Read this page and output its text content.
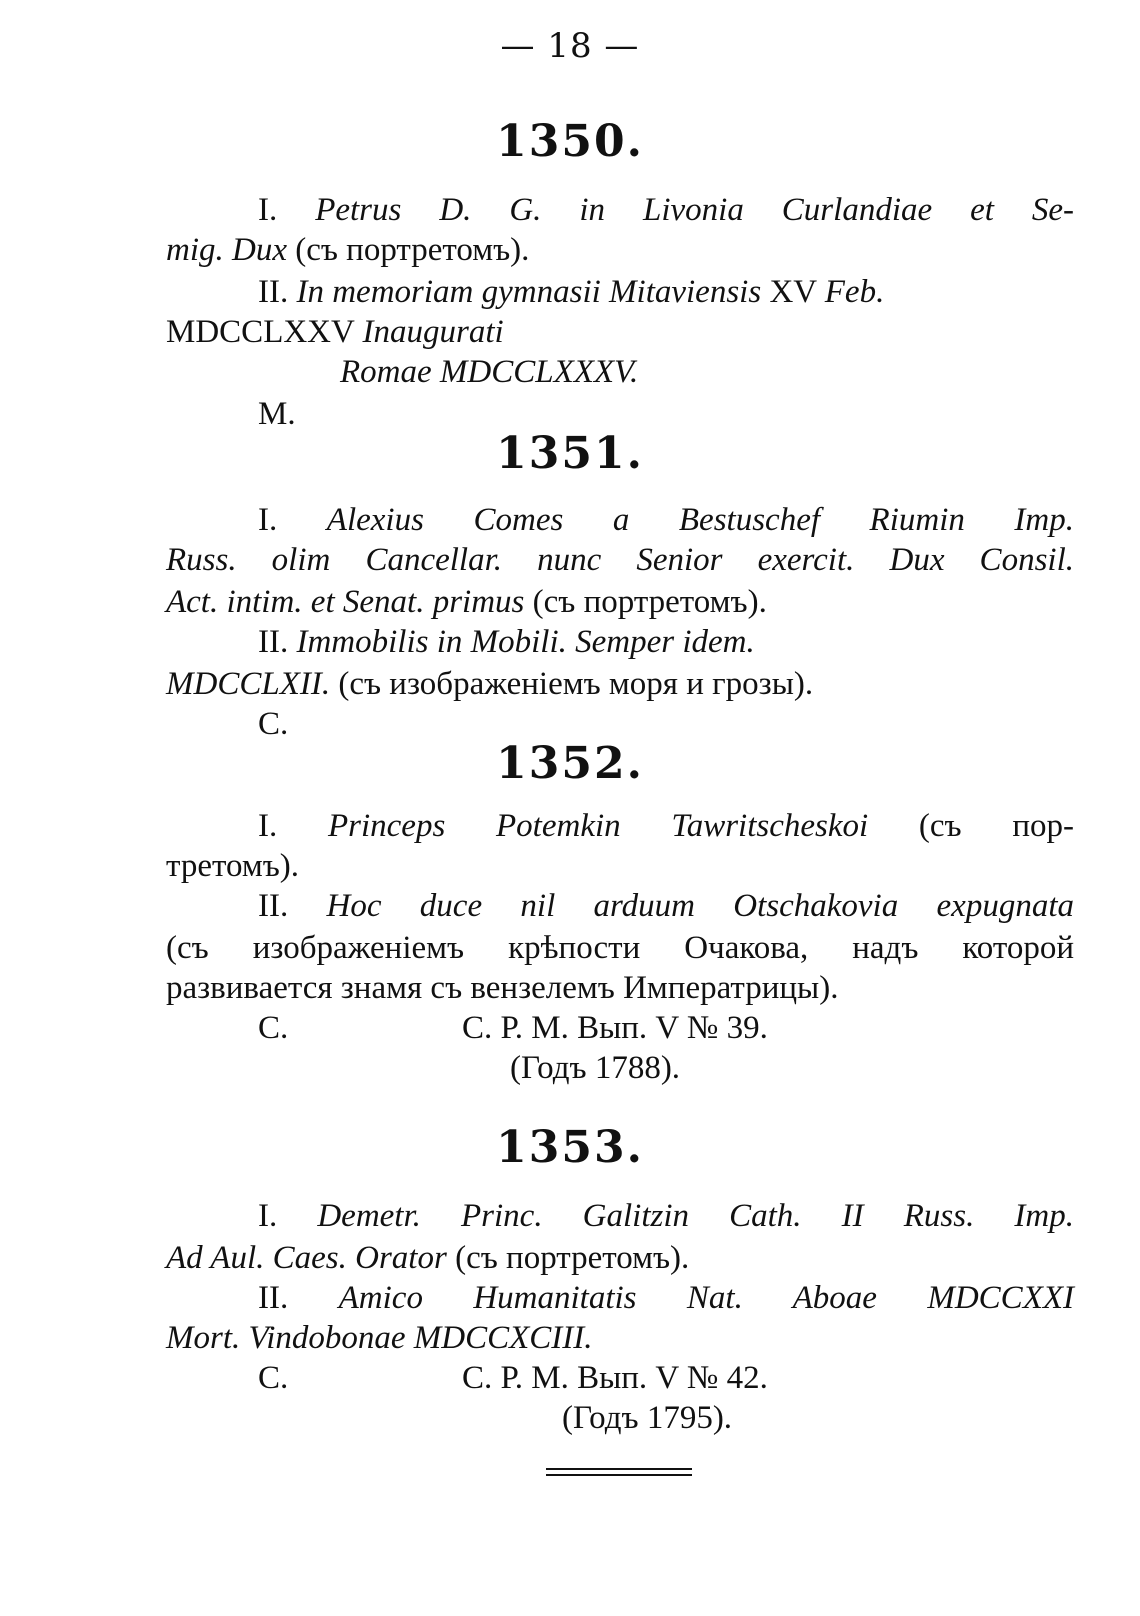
— 18 —
1350.
I. Petrus D. G. in Livonia Curlandiae et Se-
mig. Dux (съ портретомъ).
II. In memoriam gymnasii Mitaviensis XV Feb.
MDCCLXXV Inaugurati
Romae MDCCLXXXV.
M.
1351.
I. Alexius Comes a Bestuschef Riumin Imp.
Russ. olim Cancellar. nunc Senior exercit. Dux Consil.
Act. intim. et Senat. primus (съ портретомъ).
II. Immobilis in Mobili. Semper idem.
MDCCLXII. (съ изображеніемъ моря и грозы).
C.
1352.
I. Princeps Potemkin Tawritscheskoi (съ пор-
третомъ).
II. Hoc duce nil arduum Otschakovia expugnata
(съ изображеніемъ крѣпости Очакова, надъ которой
развивается знамя съ вензелемъ Императрицы).
C.	С. Р. М. Вып. V № 39.
(Годъ 1788).
1353.
I. Demetr. Princ. Galitzin Cath. II Russ. Imp.
Ad Aul. Caes. Orator (съ портретомъ).
II. Amico Humanitatis Nat. Aboae MDCCXXI
Mort. Vindobonae MDCCXCIII.
C.	С. Р. М. Вып. V № 42.
(Годъ 1795).
